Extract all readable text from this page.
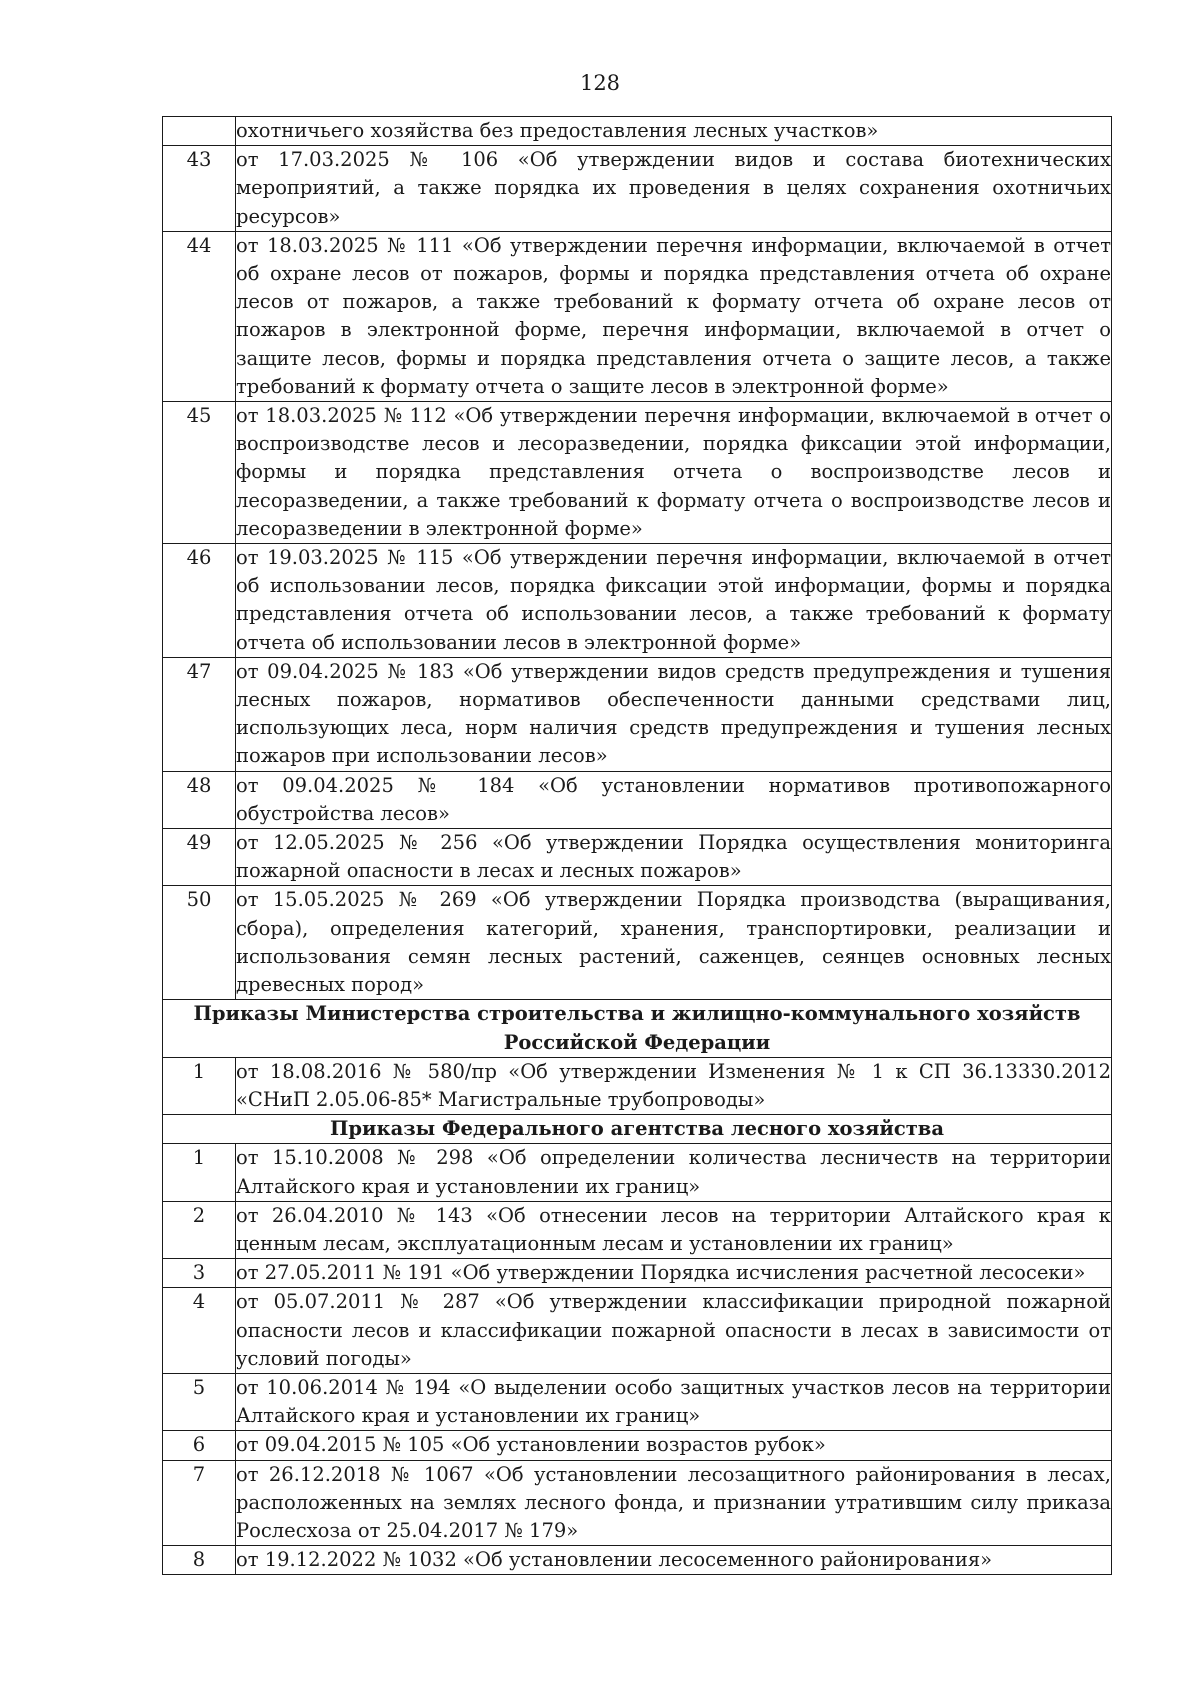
128
	охотничьего хозяйства без предоставления лесных участков»
43	от 17.03.2025 № 106 «Об утверждении видов и состава биотехнических мероприятий, а также порядка их проведения в целях сохранения охотничьих ресурсов»
44	от 18.03.2025 № 111 «Об утверждении перечня информации, включаемой в отчет об охране лесов от пожаров, формы и порядка представления отчета об охране лесов от пожаров, а также требований к формату отчета об охране лесов от пожаров в электронной форме, перечня информации, включаемой в отчет о защите лесов, формы и порядка представления отчета о защите лесов, а также требований к формату отчета о защите лесов в электронной форме»
45	от 18.03.2025 № 112 «Об утверждении перечня информации, включаемой в отчет о воспроизводстве лесов и лесоразведении, порядка фиксации этой информации, формы и порядка представления отчета о воспроизводстве лесов и лесоразведении, а также требований к формату отчета о воспроизводстве лесов и лесоразведении в электронной форме»
46	от 19.03.2025 № 115 «Об утверждении перечня информации, включаемой в отчет об использовании лесов, порядка фиксации этой информации, формы и порядка представления отчета об использовании лесов, а также требований к формату отчета об использовании лесов в электронной форме»
47	от 09.04.2025 № 183 «Об утверждении видов средств предупреждения и тушения лесных пожаров, нормативов обеспеченности данными средствами лиц, использующих леса, норм наличия средств предупреждения и тушения лесных пожаров при использовании лесов»
48	от 09.04.2025 № 184 «Об установлении нормативов противопожарного обустройства лесов»
49	от 12.05.2025 № 256 «Об утверждении Порядка осуществления мониторинга пожарной опасности в лесах и лесных пожаров»
50	от 15.05.2025 № 269 «Об утверждении Порядка производства (выращивания, сбора), определения категорий, хранения, транспортировки, реализации и использования семян лесных растений, саженцев, сеянцев основных лесных древесных пород»
Приказы Министерства строительства и жилищно-коммунального хозяйств Российской Федерации	
1	от 18.08.2016 № 580/пр «Об утверждении Изменения № 1 к СП 36.13330.2012 «СНиП 2.05.06-85* Магистральные трубопроводы»
Приказы Федерального агентства лесного хозяйства	
1	от 15.10.2008 № 298 «Об определении количества лесничеств на территории Алтайского края и установлении их границ»
2	от 26.04.2010 № 143 «Об отнесении лесов на территории Алтайского края к ценным лесам, эксплуатационным лесам и установлении их границ»
3	от 27.05.2011 № 191 «Об утверждении Порядка исчисления расчетной лесосеки»
4	от 05.07.2011 № 287 «Об утверждении классификации природной пожарной опасности лесов и классификации пожарной опасности в лесах в зависимости от условий погоды»
5	от 10.06.2014 № 194 «О выделении особо защитных участков лесов на территории Алтайского края и установлении их границ»
6	от 09.04.2015 № 105 «Об установлении возрастов рубок»
7	от 26.12.2018 № 1067 «Об установлении лесозащитного районирования в лесах, расположенных на землях лесного фонда, и признании утратившим силу приказа Рослесхоза от 25.04.2017 № 179»
8	от 19.12.2022 № 1032 «Об установлении лесосеменного районирования»
